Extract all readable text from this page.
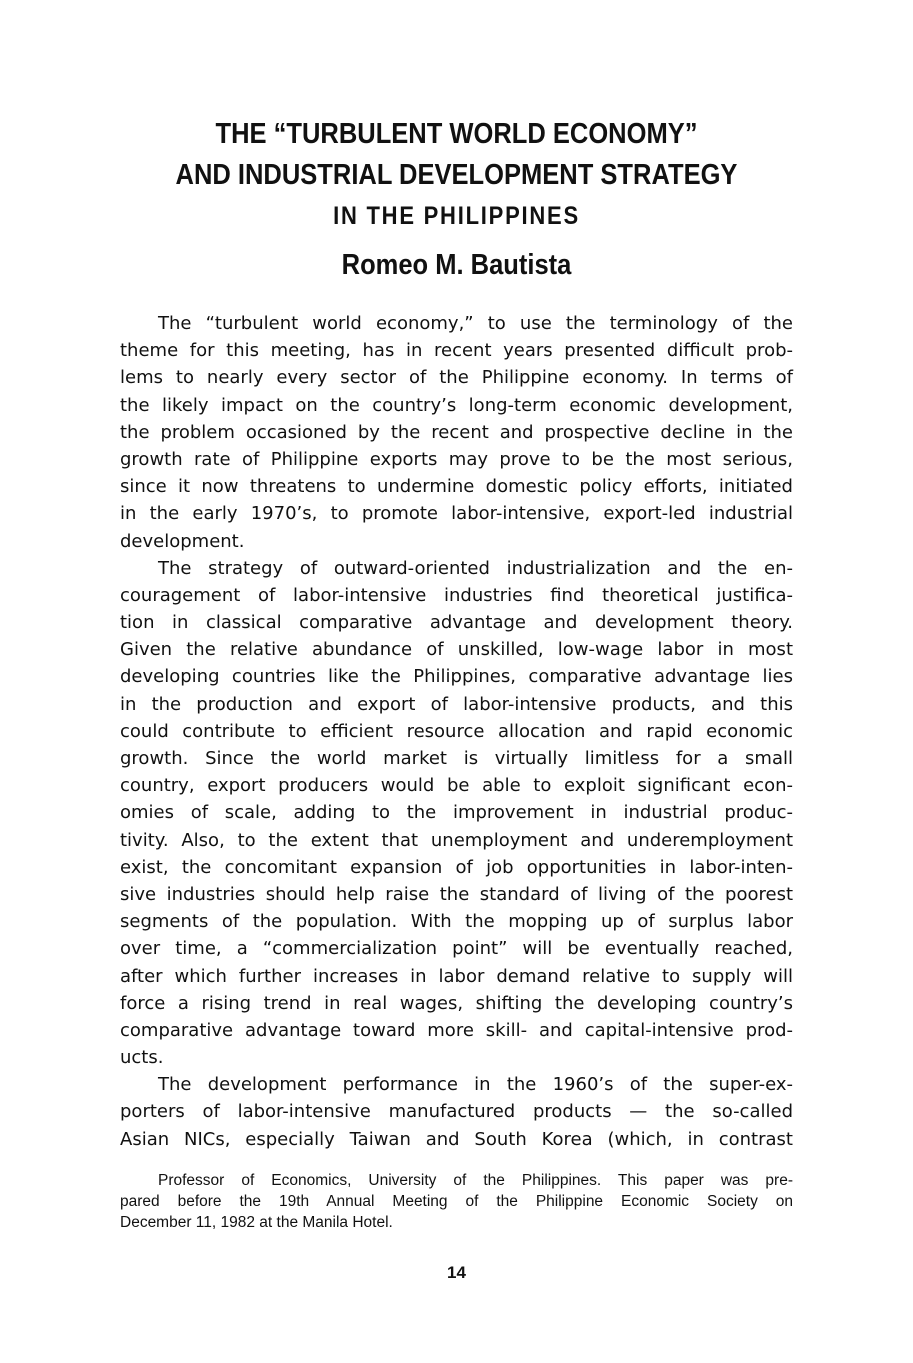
THE “TURBULENT WORLD ECONOMY”
AND INDUSTRIAL DEVELOPMENT STRATEGY
IN THE PHILIPPINES
Romeo M. Bautista
The “turbulent world economy,” to use the terminology of the
theme for this meeting, has in recent years presented difficult prob-
lems to nearly every sector of the Philippine economy. In terms of
the likely impact on the country’s long-term economic development,
the problem occasioned by the recent and prospective decline in the
growth rate of Philippine exports may prove to be the most serious,
since it now threatens to undermine domestic policy efforts, initiated
in the early 1970’s, to promote labor-intensive, export-led industrial
development.
The strategy of outward-oriented industrialization and the en-
couragement of labor-intensive industries find theoretical justifica-
tion in classical comparative advantage and development theory.
Given the relative abundance of unskilled, low-wage labor in most
developing countries like the Philippines, comparative advantage lies
in the production and export of labor-intensive products, and this
could contribute to efficient resource allocation and rapid economic
growth. Since the world market is virtually limitless for a small
country, export producers would be able to exploit significant econ-
omies of scale, adding to the improvement in industrial produc-
tivity. Also, to the extent that unemployment and underemployment
exist, the concomitant expansion of job opportunities in labor-inten-
sive industries should help raise the standard of living of the poorest
segments of the population. With the mopping up of surplus labor
over time, a “commercialization point” will be eventually reached,
after which further increases in labor demand relative to supply will
force a rising trend in real wages, shifting the developing country’s
comparative advantage toward more skill- and capital-intensive prod-
ucts.
The development performance in the 1960’s of the super-ex-
porters of labor-intensive manufactured products — the so-called
Asian NICs, especially Taiwan and South Korea (which, in contrast
Professor of Economics, University of the Philippines. This paper was pre-
pared before the 19th Annual Meeting of the Philippine Economic Society on
December 11, 1982 at the Manila Hotel.
14
